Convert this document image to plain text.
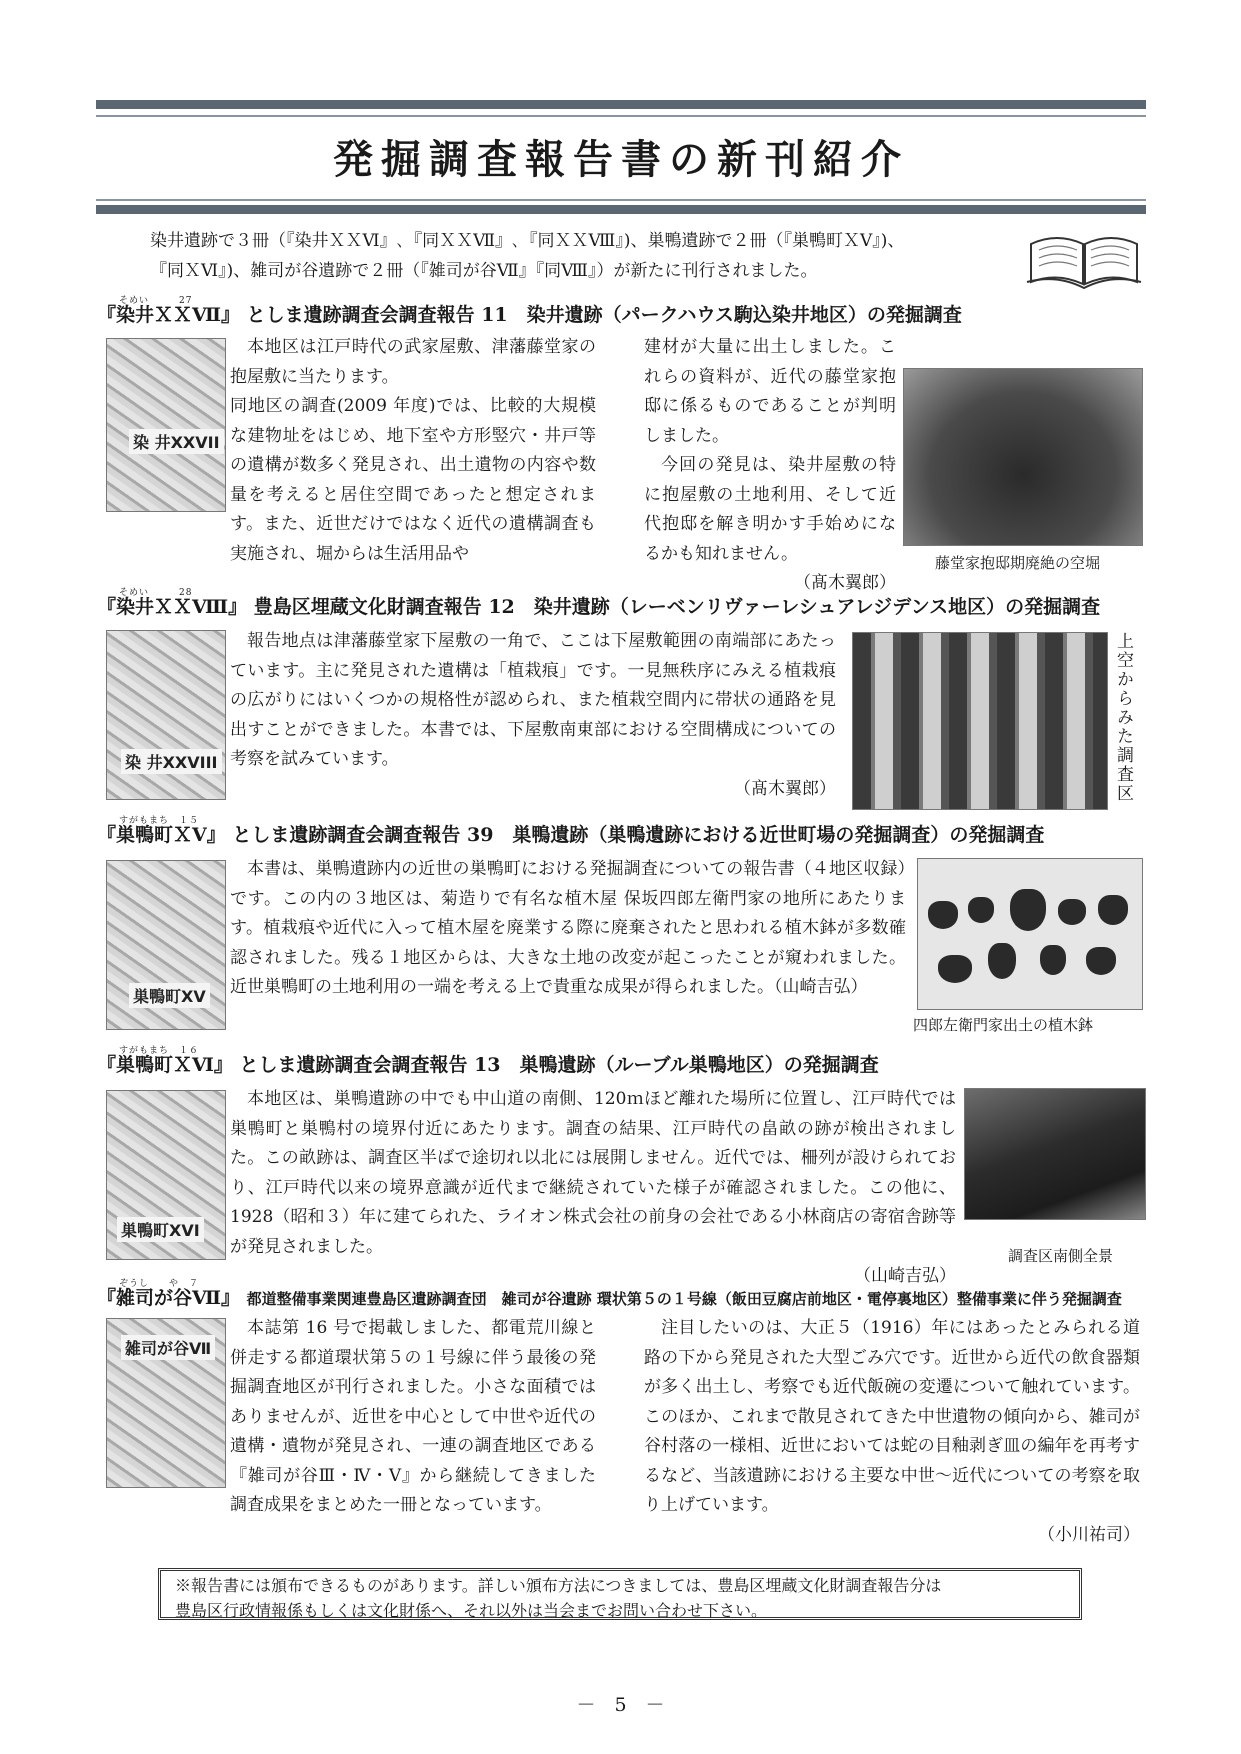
発掘調査報告書の新刊紹介

染井遺跡で３冊（『染井ＸＸⅥ』､『同ＸＸⅦ』､『同ＸＸⅧ』)、巣鴨遺跡で２冊（『巣鴨町ＸⅤ』)、

『同ＸⅥ』)、雑司が谷遺跡で２冊（『雑司が谷Ⅶ』『同Ⅷ』）が新たに刊行されました。

そめい　　　27
『染井ＸＸⅦ』 としま遺跡調査会調査報告 11　染井遺跡（パークハウス駒込染井地区）の発掘調査
染 井XXVII

本地区は江戸時代の武家屋敷、津藩藤堂家の抱屋敷に当たります。
同地区の調査(2009 年度)では、比較的大規模な建物址をはじめ、地下室や方形竪穴・井戸等の遺構が数多く発見され、出土遺物の内容や数量を考えると居住空間であったと想定されます。また、近世だけではなく近代の遺構調査も実施され、堀からは生活用品や

建材が大量に出土しました。これらの資料が、近代の藤堂家抱邸に係るものであることが判明しました。

今回の発見は、染井屋敷の特に抱屋敷の土地利用、そして近代抱邸を解き明かす手始めになるかも知れません。

（髙木翼郎）

藤堂家抱邸期廃絶の空堀
そめい　　　28
『染井ＸＸⅧ』 豊島区埋蔵文化財調査報告 12　染井遺跡（レーベンリヴァーレシュアレジデンス地区）の発掘調査
染 井XXVIII

報告地点は津藩藤堂家下屋敷の一角で、ここは下屋敷範囲の南端部にあたっています。主に発見された遺構は「植栽痕」です。一見無秩序にみえる植栽痕の広がりにはいくつかの規格性が認められ、また植栽空間内に帯状の通路を見出すことができました。本書では、下屋敷南東部における空間構成についての考察を試みています。

（髙木翼郎）	上空からみた調査区
すがもまち　１５
『巣鴨町ＸⅤ』 としま遺跡調査会調査報告 39　巣鴨遺跡（巣鴨遺跡における近世町場の発掘調査）の発掘調査
巣鴨町XV

本書は、巣鴨遺跡内の近世の巣鴨町における発掘調査についての報告書（４地区収録）です。この内の３地区は、菊造りで有名な植木屋 保坂四郎左衛門家の地所にあたります。植栽痕や近代に入って植木屋を廃業する際に廃棄されたと思われる植木鉢が多数確認されました。残る１地区からは、大きな土地の改変が起こったことが窺われました。近世巣鴨町の土地利用の一端を考える上で貴重な成果が得られました。（山崎吉弘）

四郎左衛門家出土の植木鉢
すがもまち　１６
『巣鴨町ＸⅥ』 としま遺跡調査会調査報告 13　巣鴨遺跡（ルーブル巣鴨地区）の発掘調査
巣鴨町XVI

本地区は、巣鴨遺跡の中でも中山道の南側、120ｍほど離れた場所に位置し、江戸時代では巣鴨町と巣鴨村の境界付近にあたります。調査の結果、江戸時代の畠畝の跡が検出されました。この畝跡は、調査区半ばで途切れ以北には展開しません。近代では、柵列が設けられており、江戸時代以来の境界意識が近代まで継続されていた様子が確認されました。この他に、1928（昭和３）年に建てられた、ライオン株式会社の前身の会社である小林商店の寄宿舎跡等が発見されました。

（山崎吉弘）

調査区南側全景
ぞうし　　や　７
『雑司が谷Ⅶ』 都道整備事業関連豊島区遺跡調査団　雑司が谷遺跡 環状第５の１号線（飯田豆腐店前地区・電停裏地区）整備事業に伴う発掘調査
雑司が谷Ⅶ

本誌第 16 号で掲載しました、都電荒川線と併走する都道環状第５の１号線に伴う最後の発掘調査地区が刊行されました。小さな面積ではありませんが、近世を中心として中世や近代の遺構・遺物が発見され、一連の調査地区である『雑司が谷Ⅲ・Ⅳ・Ⅴ』から継続してきました調査成果をまとめた一冊となっています。

注目したいのは、大正５（1916）年にはあったとみられる道路の下から発見された大型ごみ穴です。近世から近代の飲食器類が多く出土し、考察でも近代飯碗の変遷について触れています。このほか、これまで散見されてきた中世遺物の傾向から、雑司が谷村落の一様相、近世においては蛇の目釉剥ぎ皿の編年を再考するなど、当該遺跡における主要な中世～近代についての考察を取り上げています。

（小川祐司）

※報告書には頒布できるものがあります。詳しい頒布方法につきましては、豊島区埋蔵文化財調査報告分は

豊島区行政情報係もしくは文化財係へ、それ以外は当会までお問い合わせ下さい。

－　5　－
